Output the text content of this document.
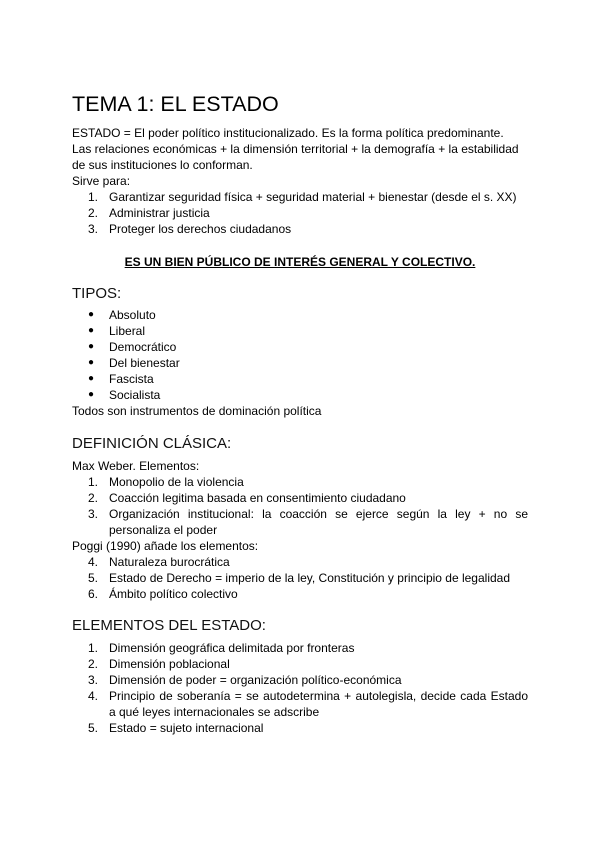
TEMA 1: EL ESTADO
ESTADO = El poder político institucionalizado. Es la forma política predominante.
Las relaciones económicas + la dimensión territorial + la demografía + la estabilidad
de sus instituciones lo conforman.
Sirve para:
1. Garantizar seguridad física + seguridad material + bienestar (desde el s. XX)
2. Administrar justicia
3. Proteger los derechos ciudadanos
ES UN BIEN PÚBLICO DE INTERÉS GENERAL Y COLECTIVO.
TIPOS:
● Absoluto
● Liberal
● Democrático
● Del bienestar
● Fascista
● Socialista
Todos son instrumentos de dominación política
DEFINICIÓN CLÁSICA:
Max Weber. Elementos:
1. Monopolio de la violencia
2. Coacción legitima basada en consentimiento ciudadano
3. Organización institucional: la coacción se ejerce según la ley + no se
personaliza el poder
Poggi (1990) añade los elementos:
4. Naturaleza burocrática
5. Estado de Derecho = imperio de la ley, Constitución y principio de legalidad
6. Ámbito político colectivo
ELEMENTOS DEL ESTADO:
1. Dimensión geográfica delimitada por fronteras
2. Dimensión poblacional
3. Dimensión de poder = organización político-económica
4. Principio de soberanía = se autodetermina + autolegisla, decide cada Estado
a qué leyes internacionales se adscribe
5. Estado = sujeto internacional
